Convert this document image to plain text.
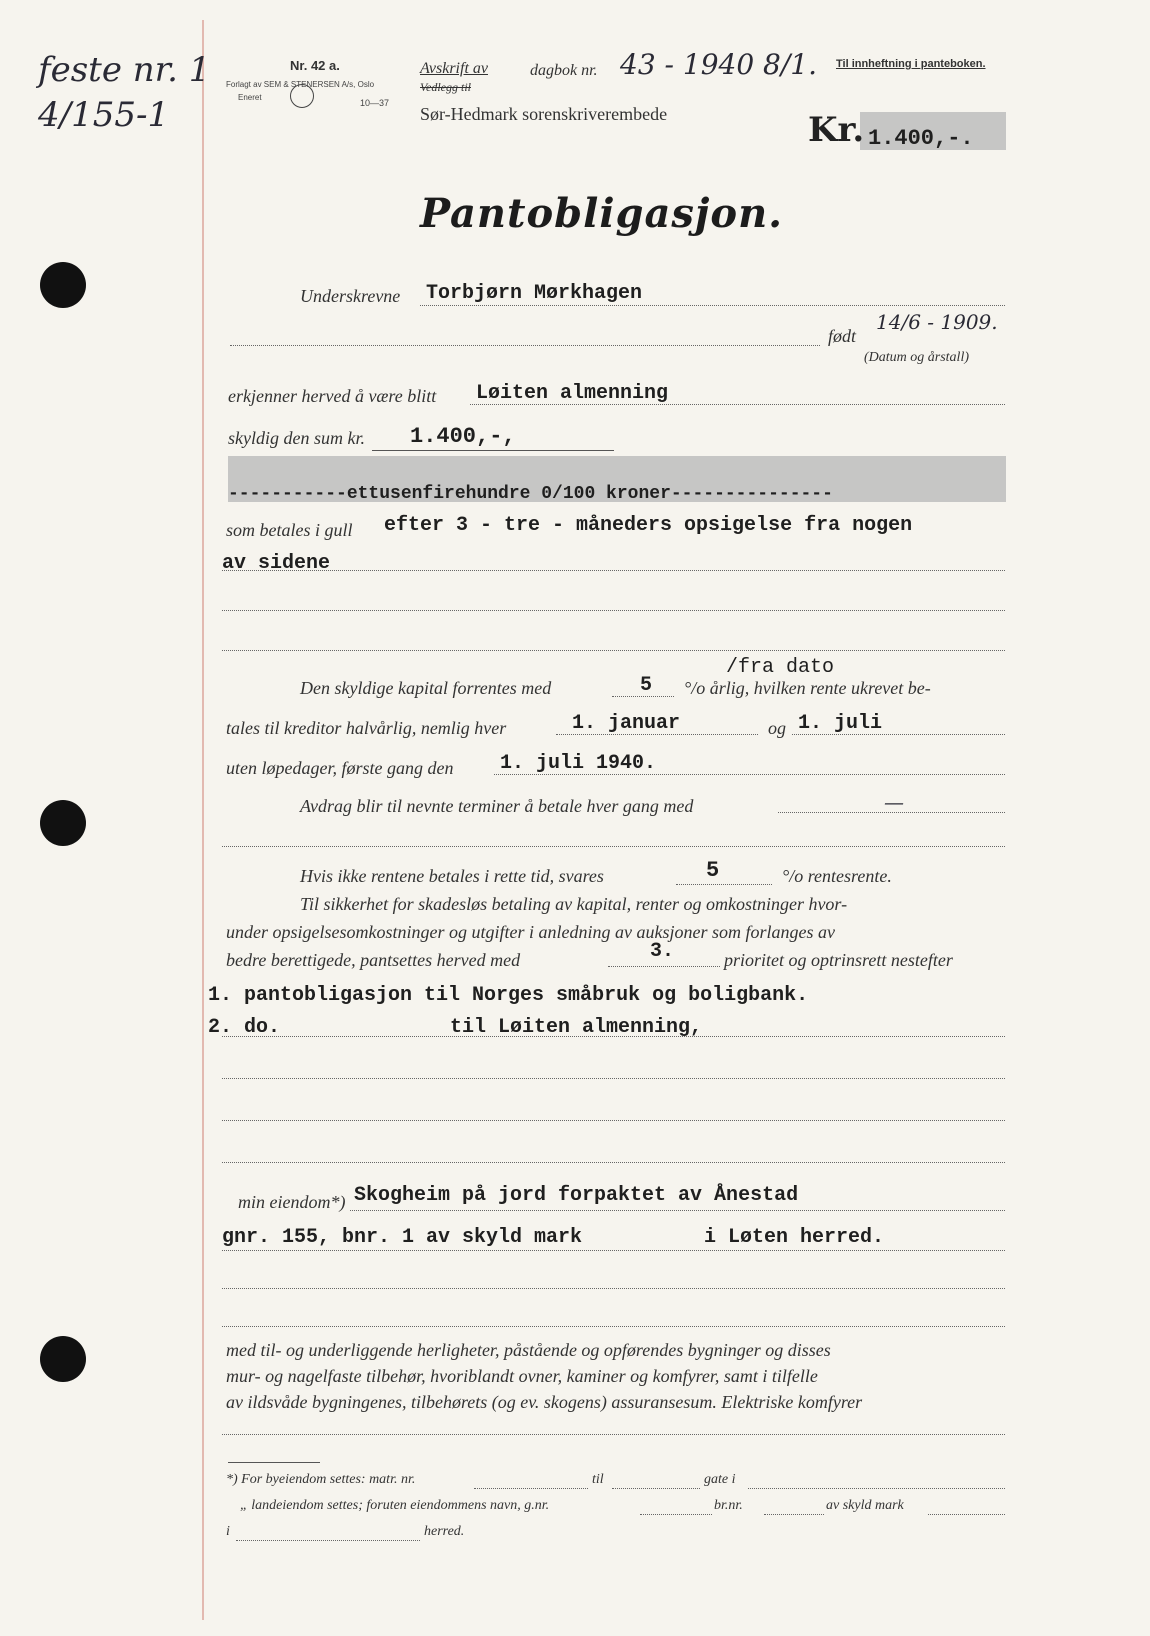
feste nr. 1
4/155-1
Nr. 42 a.
Forlagt av SEM & STENERSEN A/s, Oslo
Eneret
10—37
Avskrift av	dagbok nr. 43 - 1940 8/1.
Vedlegg til
Sør-Hedmark sorenskriverembede
Til innheftning i panteboken.
Kr. 1.400,-.
Pantobligasjon.
Underskrevne Torbjørn Mørkhagen
født
14/6 - 1909.
(Datum og årstall)
erkjenner herved å være blitt Løiten almenning
skyldig den sum kr. 1.400,-,
-----------ettusenfirehundre 0/100 kroner---------------
som betales i gull efter 3 - tre - måneders opsigelse fra nogen
av sidene
/fra dato
Den skyldige kapital forrentes med	5 °/o årlig, hvilken rente ukrevet be-
tales til kreditor halvårlig, nemlig hver	1. januar	og 1. juli
uten løpedager, første gang den 1. juli 1940.
Avdrag blir til nevnte terminer å betale hver gang med	—
Hvis ikke rentene betales i rette tid, svares	5	°/o rentesrente.
Til sikkerhet for skadesløs betaling av kapital, renter og omkostninger hvor-
under opsigelsesomkostninger og utgifter i anledning av auksjoner som forlanges av
bedre berettigede, pantsettes herved med	3.	prioritet og optrinsrett nestefter
1. pantobligasjon til Norges småbruk og boligbank.
2. do.	til Løiten almenning,
min eiendom*) Skogheim på jord forpaktet av Ånestad
gnr. 155, bnr. 1 av skyld mark	i Løten herred.
med til- og underliggende herligheter, påstående og opførendes bygninger og disses
mur- og nagelfaste tilbehør, hvoriblandt ovner, kaminer og komfyrer, samt i tilfelle
av ildsvåde bygningenes, tilbehørets (og ev. skogens) assuransesum. Elektriske komfyrer
*) For byeiendom settes: matr. nr.	til	gate i
„ landeiendom settes; foruten eiendommens navn, g.nr.	br.nr.	av skyld mark
i	herred.
